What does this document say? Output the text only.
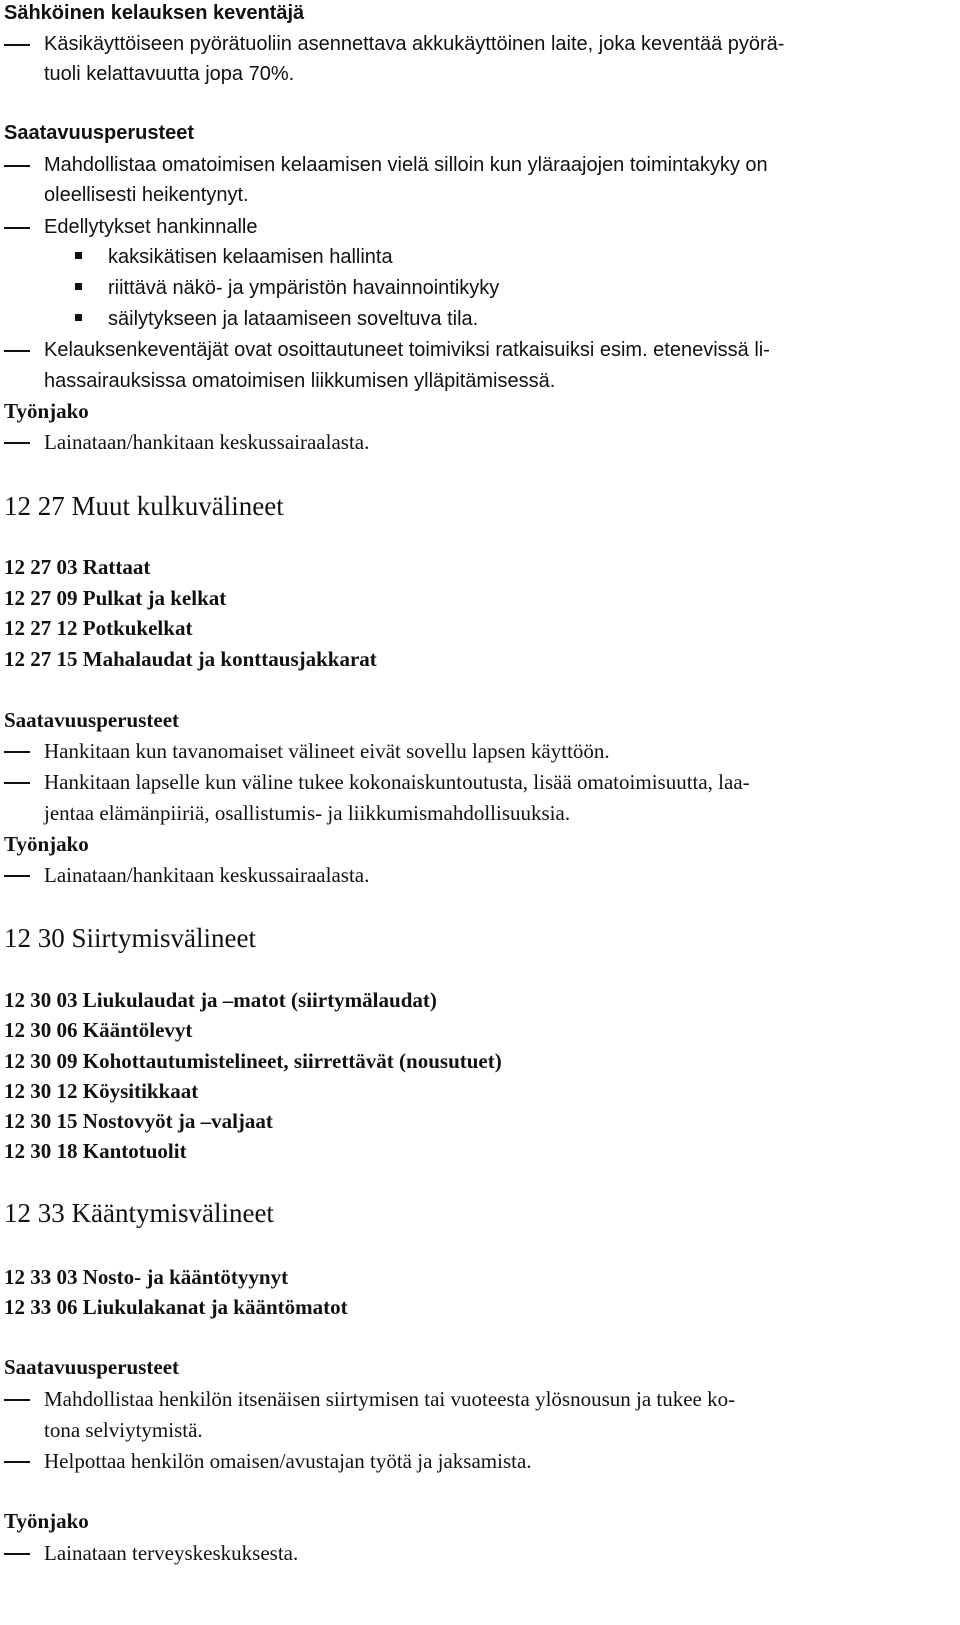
Sähköinen kelauksen keventäjä
Käsikäyttöiseen pyörätuoliin asennettava akkukäyttöinen laite, joka keventää pyörä-
tuoli kelattavuutta jopa 70%.
Saatavuusperusteet
Mahdollistaa omatoimisen kelaamisen vielä silloin kun yläraajojen toimintakyky on
oleellisesti heikentynyt.
Edellytykset hankinnalle
kaksikätisen kelaamisen hallinta
riittävä näkö- ja ympäristön havainnointikyky
säilytykseen ja lataamiseen soveltuva tila.
Kelauksenkeventäjät ovat osoittautuneet toimiviksi ratkaisuiksi esim. etenevissä li-
hassairauksissa omatoimisen liikkumisen ylläpitämisessä.
Työnjako
Lainataan/hankitaan keskussairaalasta.
12 27 Muut kulkuvälineet
12 27 03 Rattaat
12 27 09 Pulkat ja kelkat
12 27 12 Potkukelkat
12 27 15 Mahalaudat ja konttausjakkarat
Saatavuusperusteet
Hankitaan kun tavanomaiset välineet eivät sovellu lapsen käyttöön.
Hankitaan lapselle kun väline tukee kokonaiskuntoutusta, lisää omatoimisuutta, laa-
jentaa elämänpiiriä, osallistumis- ja liikkumismahdollisuuksia.
Työnjako
Lainataan/hankitaan keskussairaalasta.
12 30 Siirtymisvälineet
12 30 03 Liukulaudat ja –matot (siirtymälaudat)
12 30 06 Kääntölevyt
12 30 09 Kohottautumistelineet, siirrettävät (nousutuet)
12 30 12 Köysitikkaat
12 30 15 Nostovyöt ja –valjaat
12 30 18 Kantotuolit
12 33 Kääntymisvälineet
12 33 03 Nosto- ja kääntötyynyt
12 33 06 Liukulakanat ja kääntömatot
Saatavuusperusteet
Mahdollistaa henkilön itsenäisen siirtymisen tai vuoteesta ylösnousun ja tukee ko-
tona selviytymistä.
Helpottaa henkilön omaisen/avustajan työtä ja jaksamista.
Työnjako
Lainataan terveyskeskuksesta.
